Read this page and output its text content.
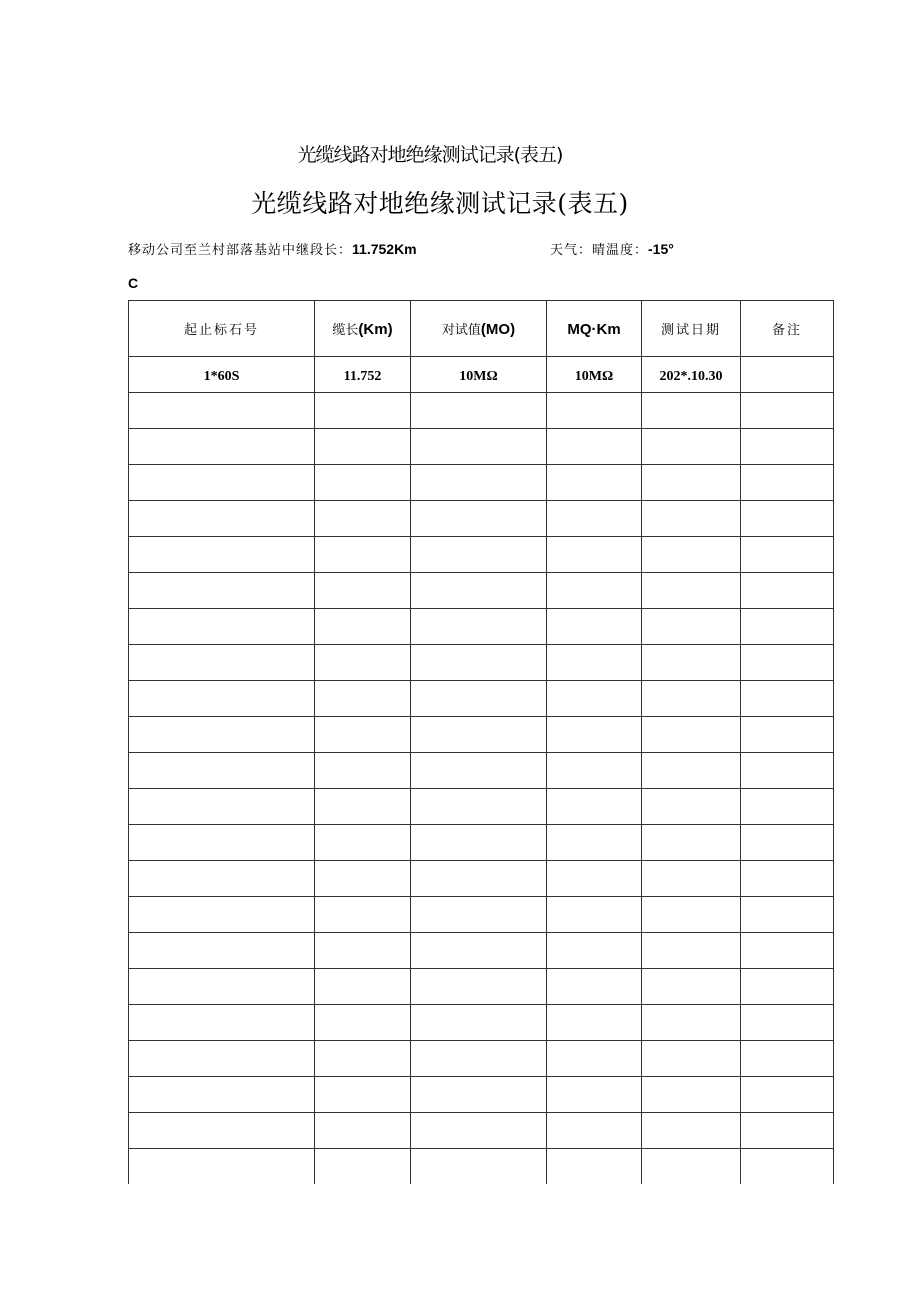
光缆线路对地绝缘测试记录(表五)
光缆线路对地绝缘测试记录(表五)
移动公司至兰村部落基站中继段长：11.752Km	天气：晴温度：-15°
C
起止标石号	缆长(Km)	对试值(MO)	MQ·Km	测试日期	备注
1*60S	11.752	10MΩ	10MΩ	202*.10.30	
